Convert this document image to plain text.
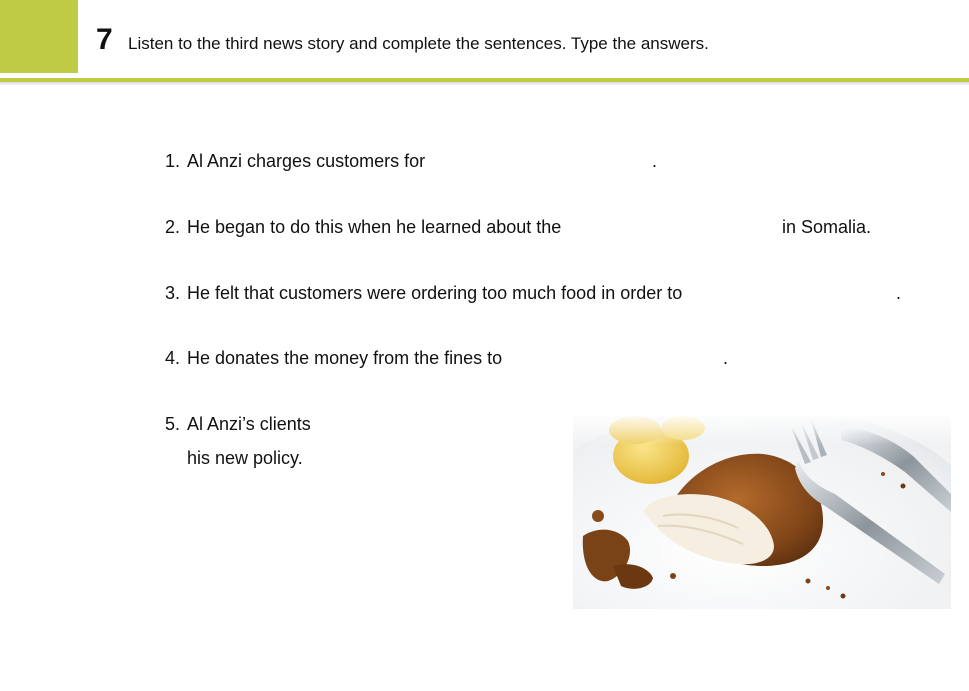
7 Listen to the third news story and complete the sentences. Type the answers.
1. Al Anzi charges customers for	.
2. He began to do this when he learned about the	in Somalia.
3. He felt that customers were ordering too much food in order to	.
4. He donates the money from the fines to	.
5. Al Anzi’s clients
his new policy.
